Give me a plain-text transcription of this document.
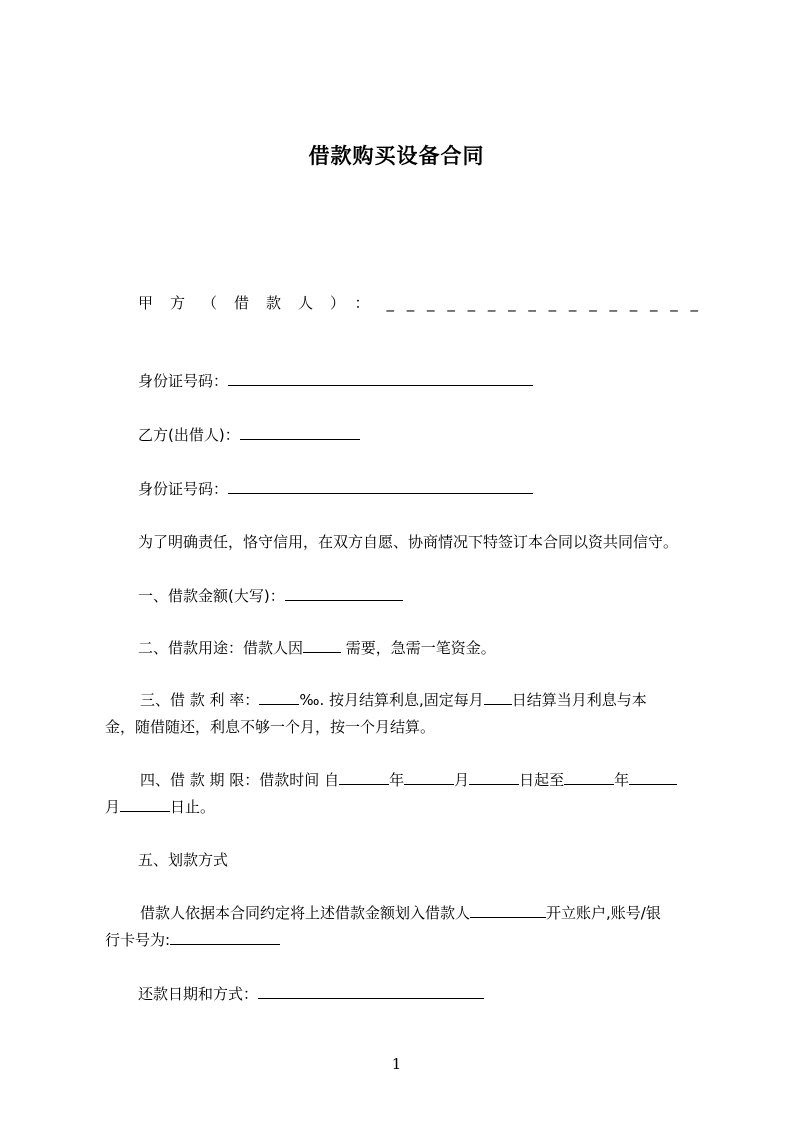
借款购买设备合同
甲方（借款人）： _ _ _ _ _ _ _ _ _ _ _ _ _ _ _ _
身份证号码：
乙方(出借人)：
身份证号码：
为了明确责任，恪守信用，在双方自愿、协商情况下特签订本合同以资共同信守。
一、借款金额(大写)：
二、借款用途：借款人因	需要，急需一笔资金。
三、借 款 利 率：	‰. 按月结算利息,固定每月 日结算当月利息与本
金，随借随还，利息不够一个月，按一个月结算。
四、借 款 期 限：借款时间 自	年	月	日起至	年
月	日止。
五、划款方式
借款人依据本合同约定将上述借款金额划入借款人	开立账户,账号/银
行卡号为:
还款日期和方式：
1
